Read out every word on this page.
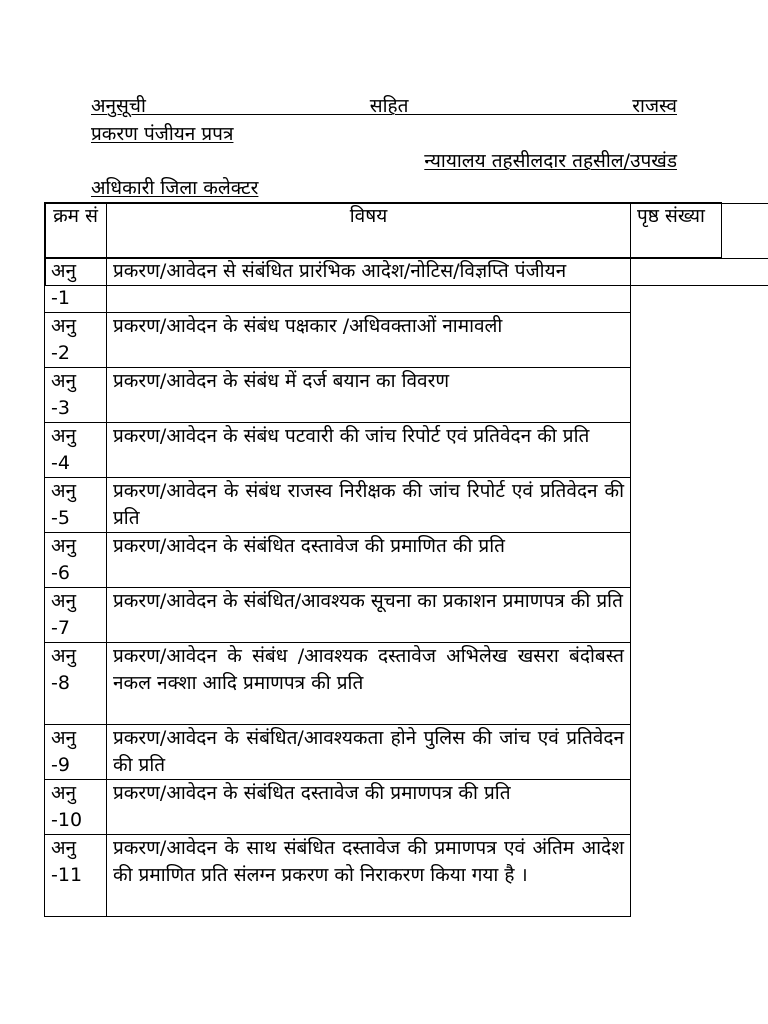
अनुसूची सहित राजस्व
प्रकरण पंजीयन प्रपत्र
न्यायालय तहसीलदार तहसील/उपखंड
अधिकारी जिला कलेक्टर
क्रम सं	विषय	पृष्ठ संख्या
अनु -1	प्रकरण/आवेदन से संबंधित प्रारंभिक आदेश/नोटिस/विज्ञप्ति पंजीयन	

अनु -2	प्रकरण/आवेदन के संबंध पक्षकार /अधिवक्ताओं नामावली	

अनु -3	प्रकरण/आवेदन के संबंध में दर्ज बयान का विवरण	

अनु -4	प्रकरण/आवेदन के संबंध पटवारी की जांच रिपोर्ट एवं प्रतिवेदन की प्रति	

अनु -5	प्रकरण/आवेदन के संबंध राजस्व निरीक्षक की जांच रिपोर्ट एवं प्रतिवेदन की प्रति	

अनु -6	प्रकरण/आवेदन के संबंधित दस्तावेज की प्रमाणित की प्रति	

अनु -7	प्रकरण/आवेदन के संबंधित/आवश्यक सूचना का प्रकाशन प्रमाणपत्र की प्रति	

अनु -8	प्रकरण/आवेदन के संबंध /आवश्यक दस्तावेज अभिलेख खसरा बंदोबस्त नकल नक्शा आदि प्रमाणपत्र की प्रति	

अनु -9	प्रकरण/आवेदन के संबंधित/आवश्यकता होने पुलिस की जांच एवं प्रतिवेदन की प्रति	

अनु -10	प्रकरण/आवेदन के संबंधित दस्तावेज की प्रमाणपत्र की प्रति	

अनु -11	प्रकरण/आवेदन के साथ संबंधित दस्तावेज की प्रमाणपत्र एवं अंतिम आदेश की प्रमाणित प्रति संलग्न प्रकरण को निराकरण किया गया है ।	
